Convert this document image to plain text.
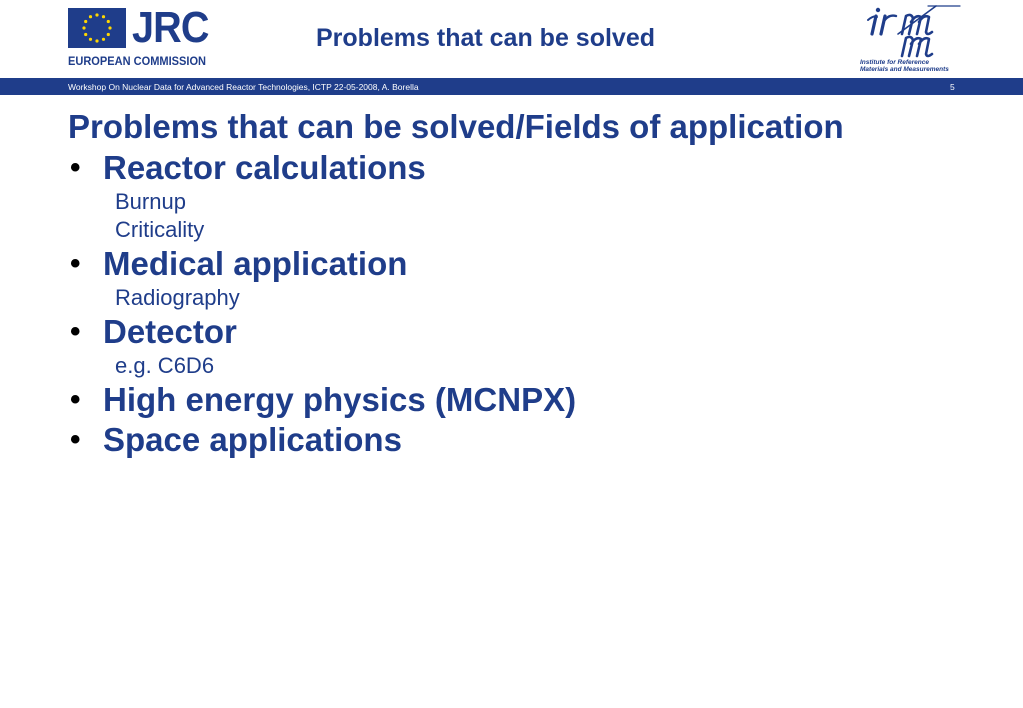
JRC
EUROPEAN COMMISSION
Problems that can be solved
Institute for Reference
Materials and Measurements
Workshop On Nuclear Data for Advanced Reactor Technologies, ICTP 22-05-2008, A. Borella	5
Problems that can be solved/Fields of application
• Reactor calculations
Burnup
Criticality
• Medical application
Radiography
• Detector
e.g. C6D6
• High energy physics (MCNPX)
• Space applications
